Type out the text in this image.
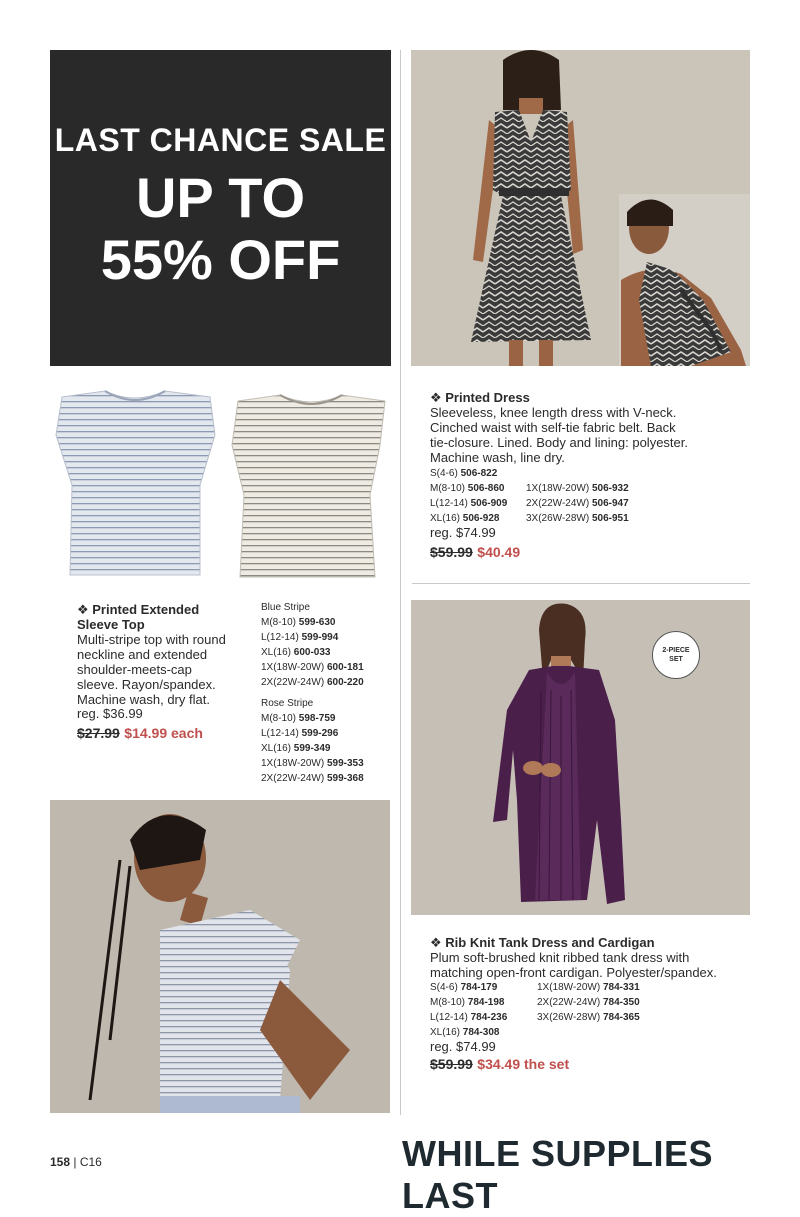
LAST CHANCE SALE
UP TO
55% OFF
❖ Printed Dress
Sleeveless, knee length dress with V-neck.
Cinched waist with self-tie fabric belt. Back
tie-closure. Lined. Body and lining: polyester.
Machine wash, line dry.
S(4-6) 506-822
M(8-10) 506-860
L(12-14) 506-909
XL(16) 506-928
1X(18W-20W) 506-932
2X(22W-24W) 506-947
3X(26W-28W) 506-951
reg. $74.99
$59.99 $40.49
❖ Printed Extended
Sleeve Top
Multi-stripe top with round
neckline and extended
shoulder-meets-cap
sleeve. Rayon/spandex.
Machine wash, dry flat.
reg. $36.99
$27.99 $14.99 each
Blue Stripe
M(8-10) 599-630
L(12-14) 599-994
XL(16) 600-033
1X(18W-20W) 600-181
2X(22W-24W) 600-220
Rose Stripe
M(8-10) 598-759
L(12-14) 599-296
XL(16) 599-349
1X(18W-20W) 599-353
2X(22W-24W) 599-368
2-PIECE
SET
❖ Rib Knit Tank Dress and Cardigan
Plum soft-brushed knit ribbed tank dress with
matching open-front cardigan. Polyester/spandex.
S(4-6) 784-179
M(8-10) 784-198
L(12-14) 784-236
XL(16) 784-308
1X(18W-20W) 784-331
2X(22W-24W) 784-350
3X(26W-28W) 784-365
reg. $74.99
$59.99 $34.49 the set
158 | C16	WHILE SUPPLIES LAST
